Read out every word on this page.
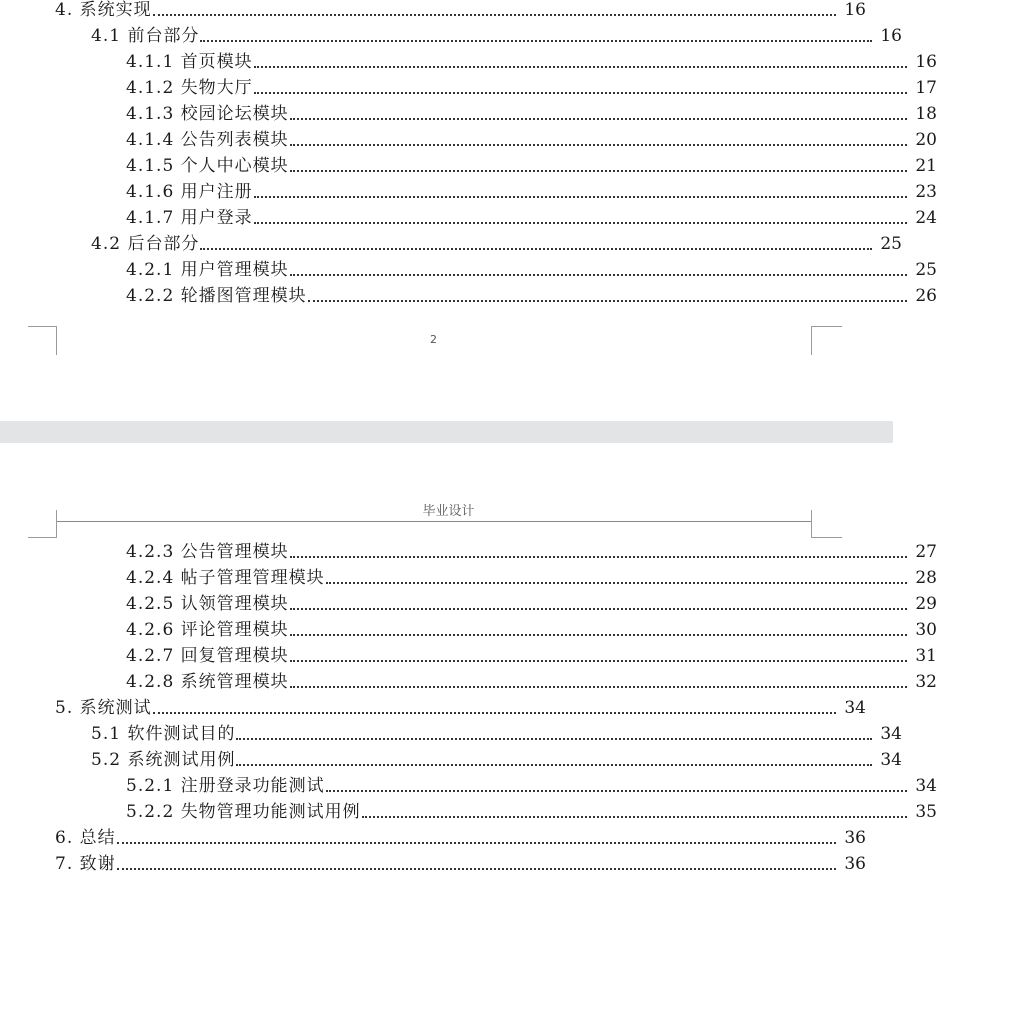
4. 系统实现	16
4.1 前台部分	16
4.1.1 首页模块	16
4.1.2 失物大厅	17
4.1.3 校园论坛模块	18
4.1.4 公告列表模块	20
4.1.5 个人中心模块	21
4.1.6 用户注册	23
4.1.7 用户登录	24
4.2 后台部分	25
4.2.1 用户管理模块	25
4.2.2 轮播图管理模块	26
2
毕业设计
4.2.3 公告管理模块	27
4.2.4 帖子管理管理模块	28
4.2.5 认领管理模块	29
4.2.6 评论管理模块	30
4.2.7 回复管理模块	31
4.2.8 系统管理模块	32
5. 系统测试	34
5.1 软件测试目的	34
5.2 系统测试用例	34
5.2.1 注册登录功能测试	34
5.2.2 失物管理功能测试用例	35
6. 总结	36
7. 致谢	36
